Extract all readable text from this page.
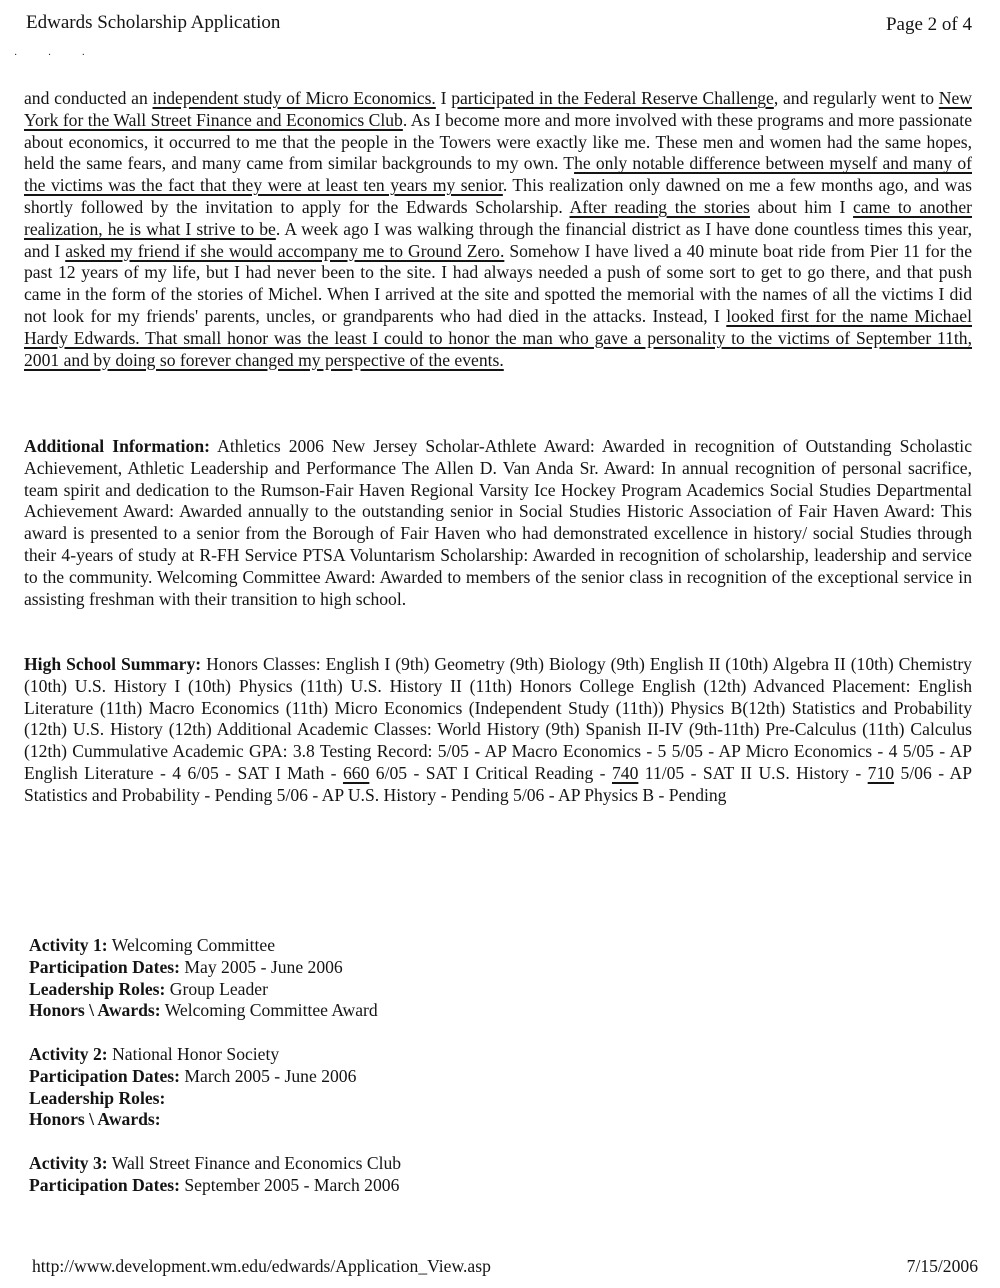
Edwards Scholarship Application	Page 2 of 4
· · ·

and conducted an independent study of Micro Economics. I participated in the Federal Reserve Challenge, and regularly went to New York for the Wall Street Finance and Economics Club. As I become more and more involved with these programs and more passionate about economics, it occurred to me that the people in the Towers were exactly like me. These men and women had the same hopes, held the same fears, and many came from similar backgrounds to my own. The only notable difference between myself and many of the victims was the fact that they were at least ten years my senior. This realization only dawned on me a few months ago, and was shortly followed by the invitation to apply for the Edwards Scholarship. After reading the stories about him I came to another realization, he is what I strive to be. A week ago I was walking through the financial district as I have done countless times this year, and I asked my friend if she would accompany me to Ground Zero. Somehow I have lived a 40 minute boat ride from Pier 11 for the past 12 years of my life, but I had never been to the site. I had always needed a push of some sort to get to go there, and that push came in the form of the stories of Michel. When I arrived at the site and spotted the memorial with the names of all the victims I did not look for my friends' parents, uncles, or grandparents who had died in the attacks. Instead, I looked first for the name Michael Hardy Edwards. That small honor was the least I could to honor the man who gave a personality to the victims of September 11th, 2001 and by doing so forever changed my perspective of the events.

Additional Information: Athletics 2006 New Jersey Scholar-Athlete Award: Awarded in recognition of Outstanding Scholastic Achievement, Athletic Leadership and Performance The Allen D. Van Anda Sr. Award: In annual recognition of personal sacrifice, team spirit and dedication to the Rumson-Fair Haven Regional Varsity Ice Hockey Program Academics Social Studies Departmental Achievement Award: Awarded annually to the outstanding senior in Social Studies Historic Association of Fair Haven Award: This award is presented to a senior from the Borough of Fair Haven who had demonstrated excellence in history/ social Studies through their 4-years of study at R-FH Service PTSA Voluntarism Scholarship: Awarded in recognition of scholarship, leadership and service to the community. Welcoming Committee Award: Awarded to members of the senior class in recognition of the exceptional service in assisting freshman with their transition to high school.

High School Summary: Honors Classes: English I (9th) Geometry (9th) Biology (9th) English II (10th) Algebra II (10th) Chemistry (10th) U.S. History I (10th) Physics (11th) U.S. History II (11th) Honors College English (12th) Advanced Placement: English Literature (11th) Macro Economics (11th) Micro Economics (Independent Study (11th)) Physics B(12th) Statistics and Probability (12th) U.S. History (12th) Additional Academic Classes: World History (9th) Spanish II-IV (9th-11th) Pre-Calculus (11th) Calculus (12th) Cummulative Academic GPA: 3.8 Testing Record: 5/05 - AP Macro Economics - 5 5/05 - AP Micro Economics - 4 5/05 - AP English Literature - 4 6/05 - SAT I Math - 660 6/05 - SAT I Critical Reading - 740 11/05 - SAT II U.S. History - 710 5/06 - AP Statistics and Probability - Pending 5/06 - AP U.S. History - Pending 5/06 - AP Physics B - Pending

Activity 1: Welcoming Committee
Participation Dates: May 2005 - June 2006
Leadership Roles: Group Leader
Honors \ Awards: Welcoming Committee Award
Activity 2: National Honor Society
Participation Dates: March 2005 - June 2006
Leadership Roles:
Honors \ Awards:
Activity 3: Wall Street Finance and Economics Club
Participation Dates: September 2005 - March 2006
http://www.development.wm.edu/edwards/Application_View.asp	7/15/2006
